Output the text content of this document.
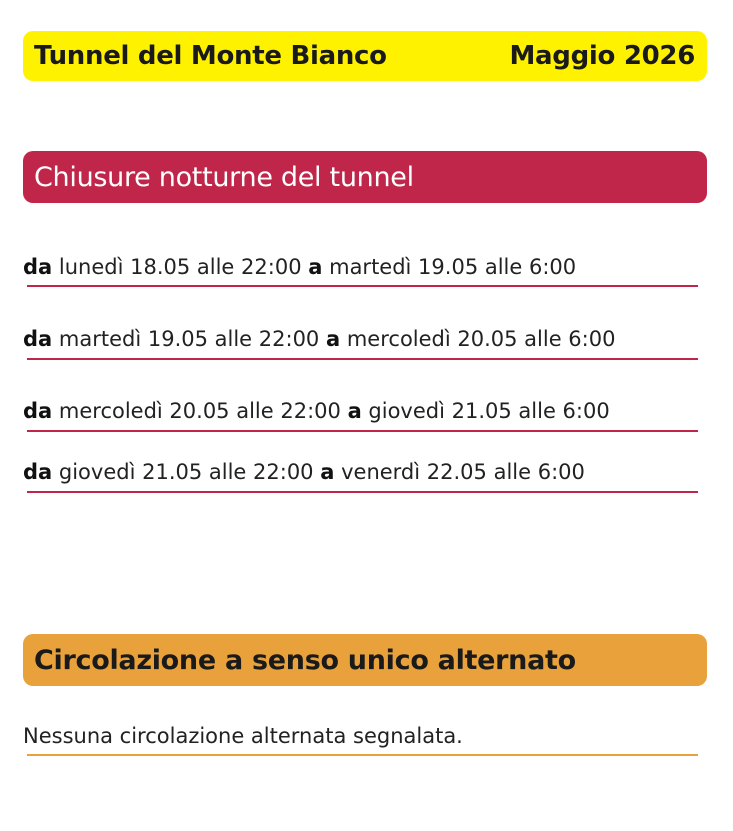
Tunnel del Monte Bianco	Maggio 2026
Chiusure notturne del tunnel
da lunedì 18.05 alle 22:00 a martedì 19.05 alle 6:00
da martedì 19.05 alle 22:00 a mercoledì 20.05 alle 6:00
da mercoledì 20.05 alle 22:00 a giovedì 21.05 alle 6:00
da giovedì 21.05 alle 22:00 a venerdì 22.05 alle 6:00
Circolazione a senso unico alternato
Nessuna circolazione alternata segnalata.
